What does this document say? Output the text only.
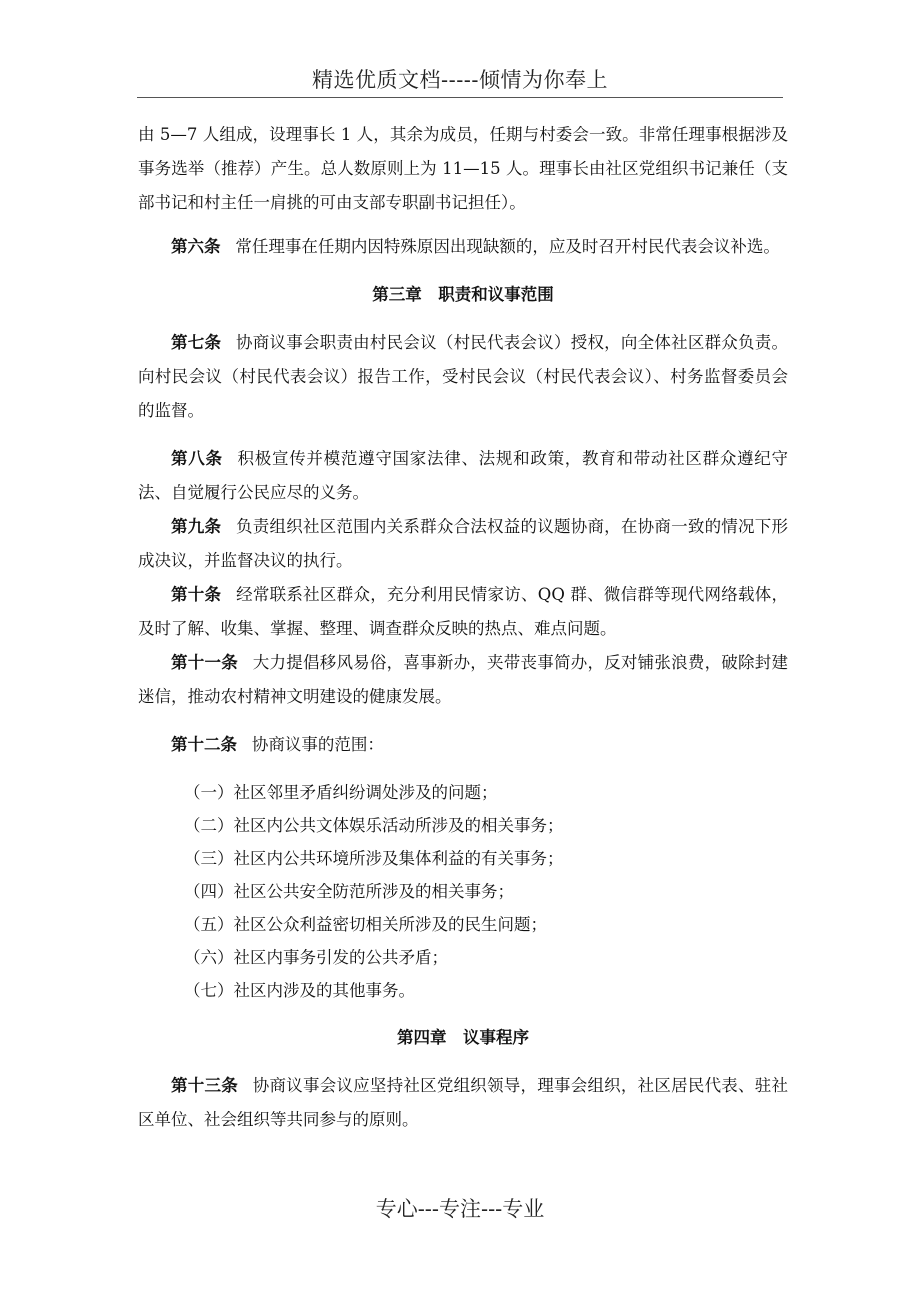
精选优质文档-----倾情为你奉上

由 5—7 人组成，设理事长 1 人，其余为成员，任期与村委会一致。非常任理事根据涉及事务选举（推荐）产生。总人数原则上为 11—15 人。理事长由社区党组织书记兼任（支部书记和村主任一肩挑的可由支部专职副书记担任）。

第六条 常任理事在任期内因特殊原因出现缺额的，应及时召开村民代表会议补选。

第三章　职责和议事范围

第七条 协商议事会职责由村民会议（村民代表会议）授权，向全体社区群众负责。向村民会议（村民代表会议）报告工作，受村民会议（村民代表会议）、村务监督委员会的监督。

第八条 积极宣传并模范遵守国家法律、法规和政策，教育和带动社区群众遵纪守法、自觉履行公民应尽的义务。

第九条 负责组织社区范围内关系群众合法权益的议题协商，在协商一致的情况下形成决议，并监督决议的执行。

第十条 经常联系社区群众，充分利用民情家访、QQ 群、微信群等现代网络载体，及时了解、收集、掌握、整理、调查群众反映的热点、难点问题。

第十一条 大力提倡移风易俗，喜事新办，夹带丧事简办，反对铺张浪费，破除封建迷信，推动农村精神文明建设的健康发展。

第十二条 协商议事的范围：

（一）社区邻里矛盾纠纷调处涉及的问题；

（二）社区内公共文体娱乐活动所涉及的相关事务；

（三）社区内公共环境所涉及集体利益的有关事务；

（四）社区公共安全防范所涉及的相关事务；

（五）社区公众利益密切相关所涉及的民生问题；

（六）社区内事务引发的公共矛盾；

（七）社区内涉及的其他事务。

第四章　议事程序

第十三条 协商议事会议应坚持社区党组织领导，理事会组织，社区居民代表、驻社区单位、社会组织等共同参与的原则。

专心---专注---专业
